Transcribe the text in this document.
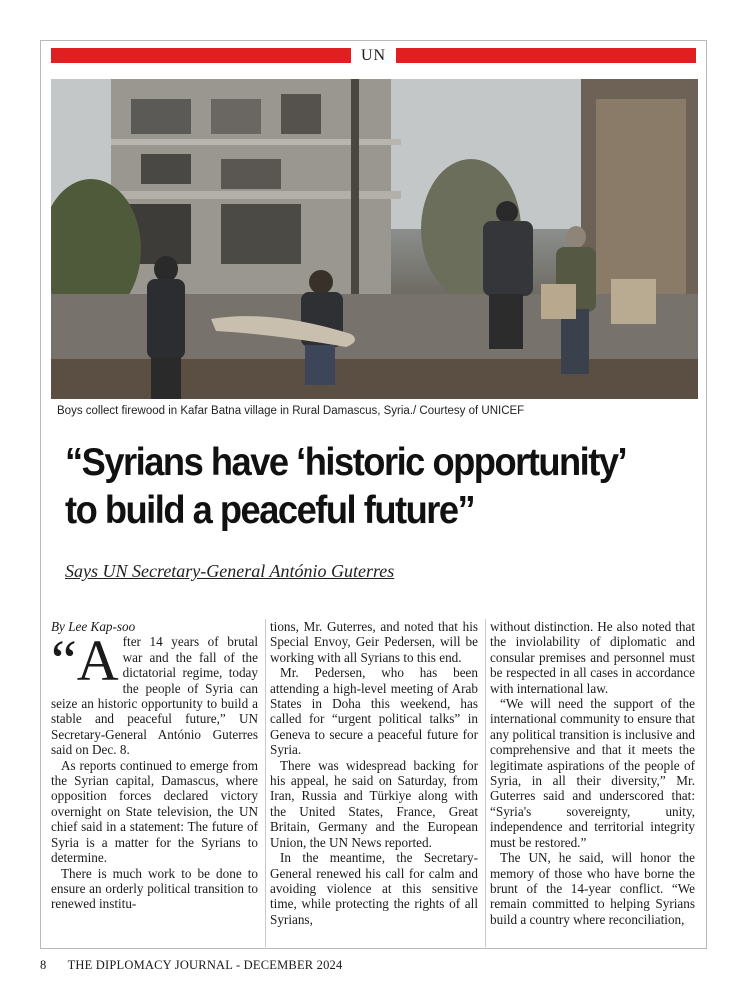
UN
Boys collect firewood in Kafar Batna village in Rural Damascus, Syria./ Courtesy of UNICEF
“Syrians have ‘historic opportunity’
to build a peaceful future”
Says UN Secretary-General António Guterres

By Lee Kap-soo

“After 14 years of brutal war and the fall of the dictatorial regime, today the people of Syria can seize an historic opportunity to build a stable and peaceful future,” UN Secretary-General António Guterres said on Dec. 8.

As reports continued to emerge from the Syrian capital, Damascus, where opposition forces declared victory overnight on State television, the UN chief said in a statement: The future of Syria is a matter for the Syrians to determine.

There is much work to be done to ensure an orderly political transition to renewed institu-

tions, Mr. Guterres, and noted that his Special Envoy, Geir Pedersen, will be working with all Syrians to this end.

Mr. Pedersen, who has been attending a high-level meeting of Arab States in Doha this weekend, has called for “urgent political talks” in Geneva to secure a peaceful future for Syria.

There was widespread backing for his appeal, he said on Saturday, from Iran, Russia and Türkiye along with the United States, France, Great Britain, Germany and the European Union, the UN News reported.

In the meantime, the Secretary-General renewed his call for calm and avoiding violence at this sensitive time, while protecting the rights of all Syrians,

without distinction. He also noted that the inviolability of diplomatic and consular premises and personnel must be respected in all cases in accordance with international law.

“We will need the support of the international community to ensure that any political transition is inclusive and comprehensive and that it meets the legitimate aspirations of the people of Syria, in all their diversity,” Mr. Guterres said and underscored that: “Syria's sovereignty, unity, independence and territorial integrity must be restored.”

The UN, he said, will honor the memory of those who have borne the brunt of the 14-year conflict. “We remain committed to helping Syrians build a country where reconciliation,

8 THE DIPLOMACY JOURNAL - DECEMBER 2024
